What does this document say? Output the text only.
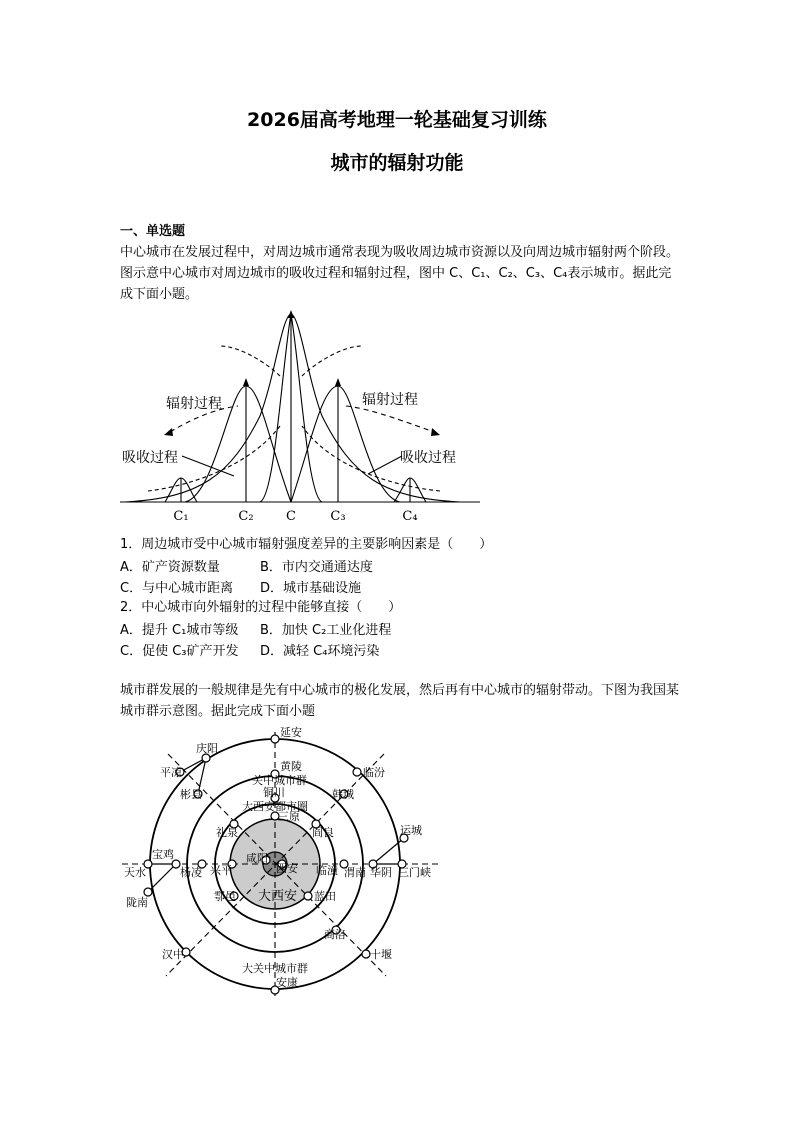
2026届高考地理一轮基础复习训练
城市的辐射功能
一、单选题
中心城市在发展过程中，对周边城市通常表现为吸收周边城市资源以及向周边城市辐射两个阶段。图示意中心城市对周边城市的吸收过程和辐射过程，图中 C、C₁、C₂、C₃、C₄表示城市。据此完成下面小题。
辐射过程	辐射过程
吸收过程	吸收过程
C₁	C₂ C	C₃	C₄
1．周边城市受中心城市辐射强度差异的主要影响因素是（　　）
A．矿产资源数量	B．市内交通通达度
C．与中心城市距离 D．城市基础设施
2．中心城市向外辐射的过程中能够直接（　　）
A．提升 C₁城市等级 B．加快 C₂工业化进程
C．促使 C₃矿产开发 D．减轻 C₄环境污染
城市群发展的一般规律是先有中心城市的极化发展，然后再有中心城市的辐射带动。下图为我国某城市群示意图。据此完成下面小题
延安
庆阳
平凉	黄陵	临汾
关中城市群
铜川
彬县	韩城
大西安都市圈
三原
阎良
礼泉	运城
宝鸡	咸阳
西安
天水	杨凌 兴平	临潼 渭南 华阴 三门峡
陇南	鄠邑	蓝田
大西安
商洛
汉中	十堰
大关中城市群
安康
